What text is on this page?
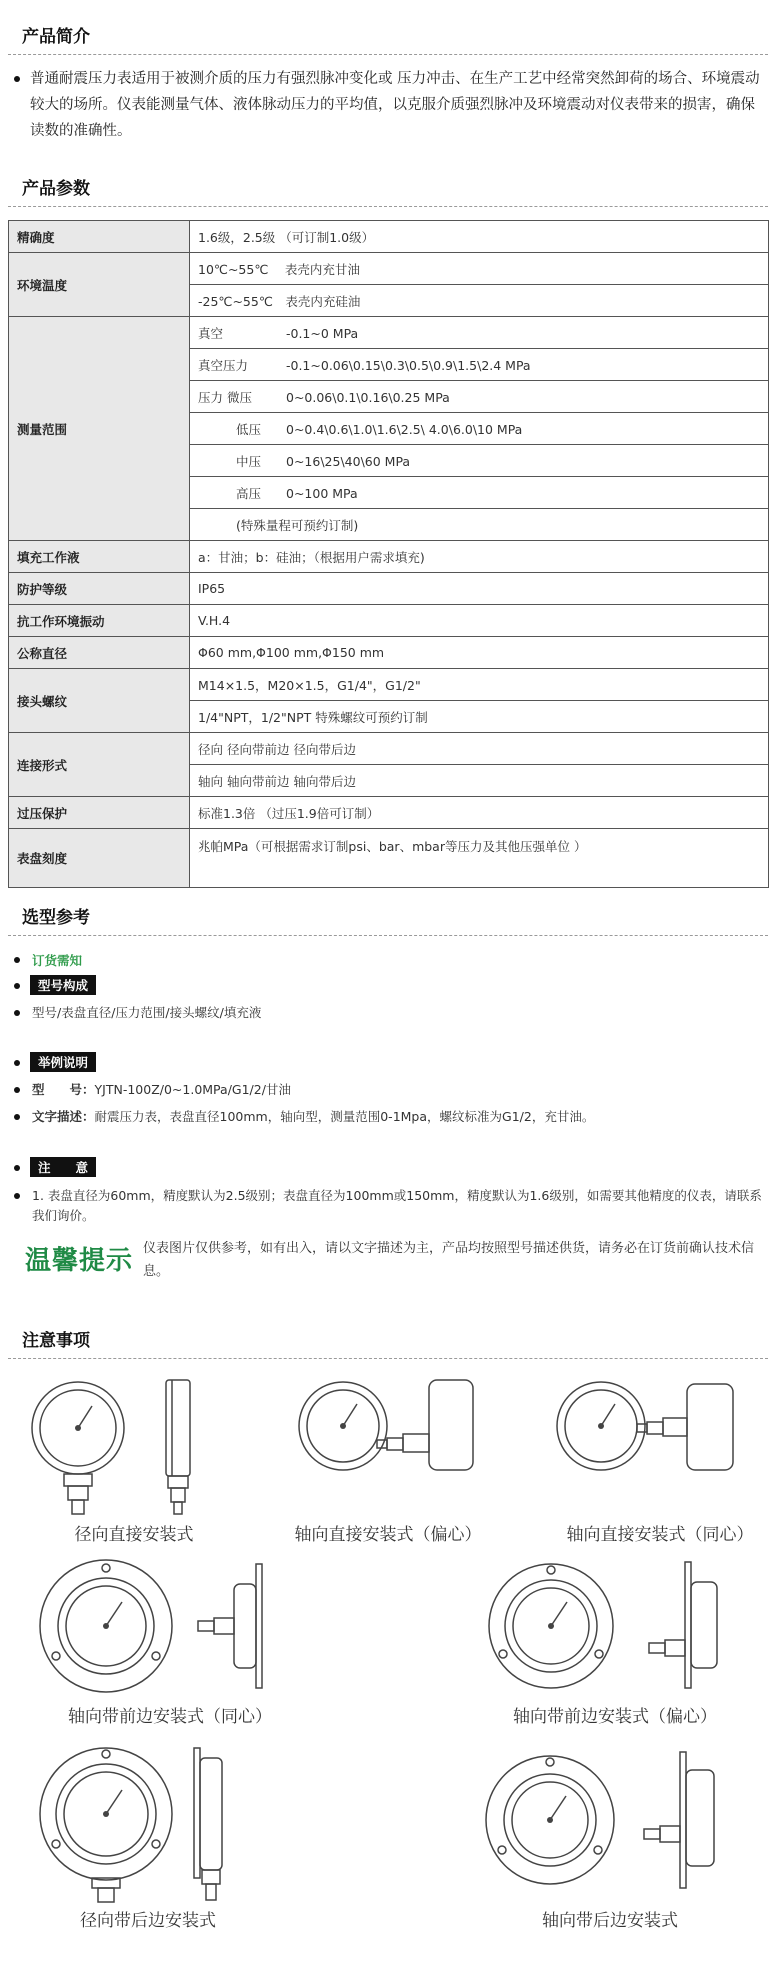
产品简介
普通耐震压力表适用于被测介质的压力有强烈脉冲变化或 压力冲击、在生产工艺中经常突然卸荷的场合、环境震动较大的场所。仪表能测量气体、液体脉动压力的平均值，以克服介质强烈脉冲及环境震动对仪表带来的损害，确保读数的准确性。
产品参数
精确度	1.6级，2.5级 （可订制1.0级）
环境温度	10℃~55℃　 表壳内充甘油
	-25℃~55℃　表壳内充硅油
测量范围	真空 -0.1~0 MPa
	真空压力 -0.1~0.06\0.15\0.3\0.5\0.9\1.5\2.4 MPa
	压力 微压 0~0.06\0.1\0.16\0.25 MPa
	低压 0~0.4\0.6\1.0\1.6\2.5\ 4.0\6.0\10 MPa
	中压 0~16\25\40\60 MPa
	高压 0~100 MPa
	(特殊量程可预约订制)
填充工作液	a：甘油；b：硅油；（根据用户需求填充)
防护等级	IP65
抗工作环境振动	V.H.4
公称直径	Φ60 mm,Φ100 mm,Φ150 mm
接头螺纹	M14×1.5，M20×1.5，G1/4"，G1/2"
	1/4"NPT，1/2"NPT 特殊螺纹可预约订制
连接形式	径向 径向带前边 径向带后边
	轴向 轴向带前边 轴向带后边
过压保护	标准1.3倍 （过压1.9倍可订制）
表盘刻度	兆帕MPa（可根据需求订制psi、bar、mbar等压力及其他压强单位 ）
选型参考
订货需知
型号构成
型号/表盘直径/压力范围/接头螺纹/填充液
举例说明
型　　号：YJTN-100Z/0~1.0MPa/G1/2/甘油
文字描述：耐震压力表，表盘直径100mm，轴向型，测量范围0-1Mpa，螺纹标准为G1/2，充甘油。
注　　意
1. 表盘直径为60mm，精度默认为2.5级别；表盘直径为100mm或150mm，精度默认为1.6级别，如需要其他精度的仪表，请联系我们询价。
温馨提示 仪表图片仅供参考，如有出入，请以文字描述为主，产品均按照型号描述供货，请务必在订货前确认技术信息。
注意事项
径向直接安装式	轴向直接安装式（偏心）	轴向直接安装式（同心）
轴向带前边安装式（同心）	轴向带前边安装式（偏心）
径向带后边安装式	轴向带后边安装式
